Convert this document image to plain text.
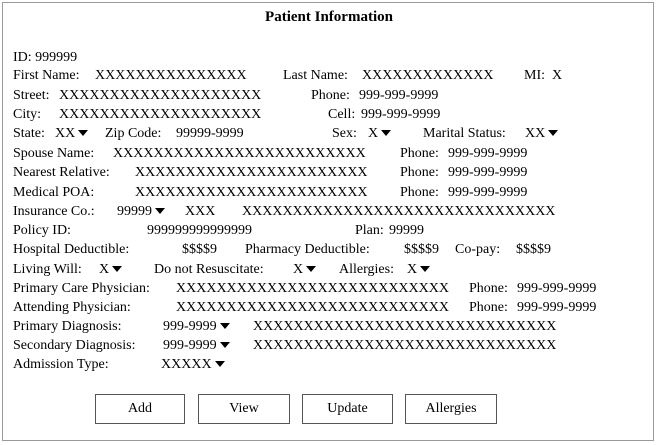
Patient Information
ID: 999999
First Name: XXXXXXXXXXXXXXX	Last Name: XXXXXXXXXXXXX MI: X
Street: XXXXXXXXXXXXXXXXXXXX	Phone: 999-999-9999
City: XXXXXXXXXXXXXXXXXXXX	Cell: 999-999-9999
State: XX	Zip Code: 99999-9999	Sex: X	Marital Status: XX
Spouse Name: XXXXXXXXXXXXXXXXXXXXXXXXX Phone: 999-999-9999
Nearest Relative: XXXXXXXXXXXXXXXXXXXXXXX Phone: 999-999-9999
Medical POA:	XXXXXXXXXXXXXXXXXXXXXXX Phone: 999-999-9999
Insurance Co.: 99999	XXX XXXXXXXXXXXXXXXXXXXXXXXXXXXXXXX
Policy ID:	999999999999999	Plan: 99999
Hospital Deductible:	$$$$9 Pharmacy Deductible: $$$$9 Co-pay: $$$$9
Living Will: X	Do not Resuscitate: X	Allergies: X
Primary Care Physician: XXXXXXXXXXXXXXXXXXXXXXXXXXX Phone: 999-999-9999
Attending Physician:	XXXXXXXXXXXXXXXXXXXXXXXXXXX Phone: 999-999-9999
Primary Diagnosis:	999-9999	XXXXXXXXXXXXXXXXXXXXXXXXXXXXXX
Secondary Diagnosis: 999-9999	XXXXXXXXXXXXXXXXXXXXXXXXXXXXXX
Admission Type:	XXXXX
Add	View	Update	Allergies
